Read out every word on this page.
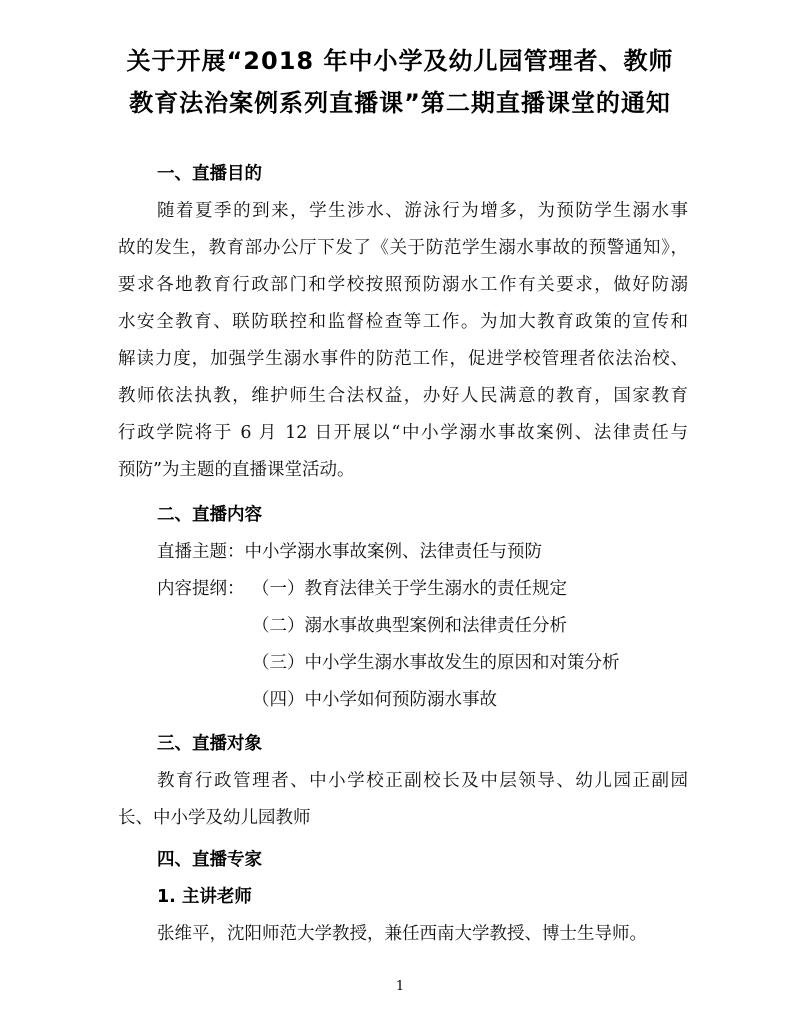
关于开展“2018 年中小学及幼儿园管理者、教师
教育法治案例系列直播课”第二期直播课堂的通知
一、直播目的
随着夏季的到来，学生涉水、游泳行为增多，为预防学生溺水事
故的发生，教育部办公厅下发了《关于防范学生溺水事故的预警通知》，
要求各地教育行政部门和学校按照预防溺水工作有关要求，做好防溺
水安全教育、联防联控和监督检查等工作。为加大教育政策的宣传和
解读力度，加强学生溺水事件的防范工作，促进学校管理者依法治校、
教师依法执教，维护师生合法权益，办好人民满意的教育，国家教育
行政学院将于 6 月 12 日开展以“中小学溺水事故案例、法律责任与
预防”为主题的直播课堂活动。
二、直播内容
直播主题：中小学溺水事故案例、法律责任与预防
内容提纲： （一）教育法律关于学生溺水的责任规定
（二）溺水事故典型案例和法律责任分析
（三）中小学生溺水事故发生的原因和对策分析
（四）中小学如何预防溺水事故
三、直播对象
教育行政管理者、中小学校正副校长及中层领导、幼儿园正副园
长、中小学及幼儿园教师
四、直播专家
1. 主讲老师
张维平，沈阳师范大学教授，兼任西南大学教授、博士生导师。
1
